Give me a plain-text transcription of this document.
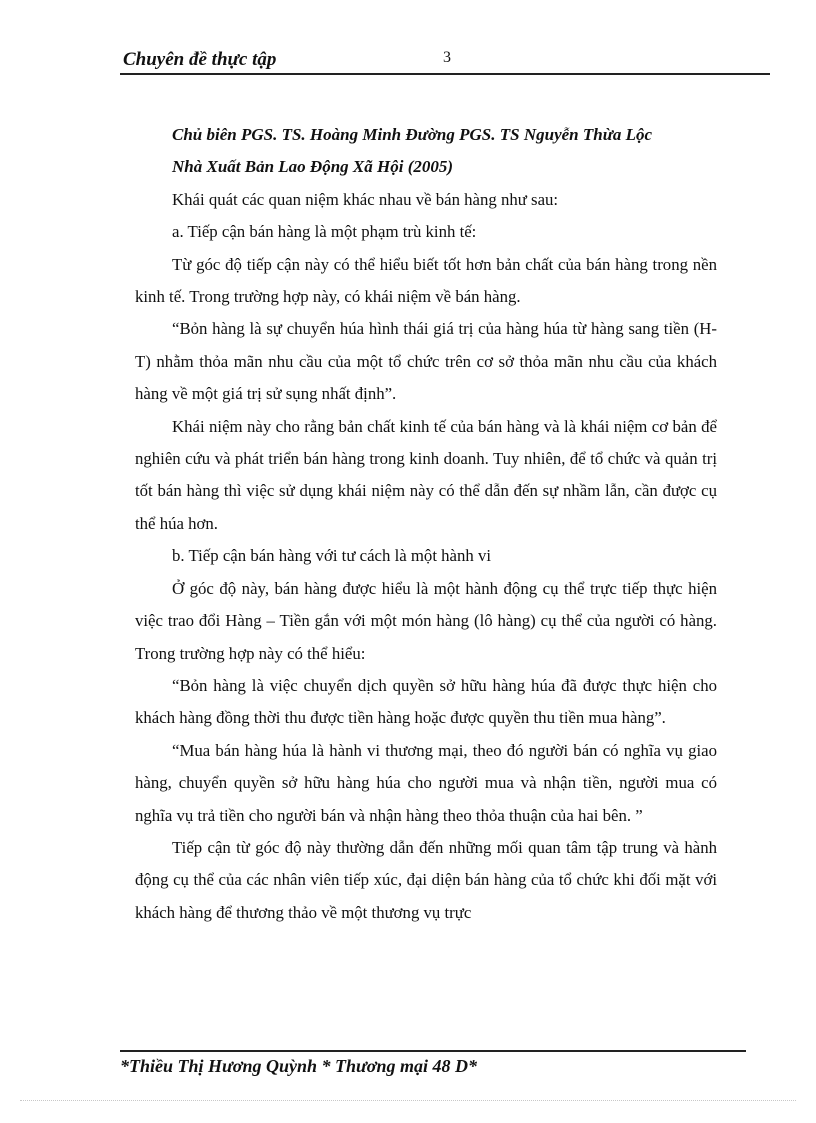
Chuyên đề thực tập	3

Chủ biên PGS. TS. Hoàng Minh Đường PGS. TS Nguyễn Thừa Lộc

Nhà Xuất Bản Lao Động Xã Hội (2005)

Khái quát các quan niệm khác nhau về bán hàng như sau:

a. Tiếp cận bán hàng là một phạm trù kinh tế:

Từ góc độ tiếp cận này có thể hiểu biết tốt hơn bản chất của bán hàng trong nền kinh tế. Trong trường hợp này, có khái niệm về bán hàng.

“Bỏn hàng là sự chuyển húa hình thái giá trị của hàng húa từ hàng sang tiền (H-T) nhằm thỏa mãn nhu cầu của một tổ chức trên cơ sở thỏa mãn nhu cầu của khách hàng về một giá trị sử sụng nhất định”.

Khái niệm này cho rằng bản chất kinh tế của bán hàng và là khái niệm cơ bản để nghiên cứu và phát triển bán hàng trong kinh doanh. Tuy nhiên, để tổ chức và quản trị tốt bán hàng thì việc sử dụng khái niệm này có thể dẫn đến sự nhầm lẫn, cần được cụ thể húa hơn.

b. Tiếp cận bán hàng với tư cách là một hành vi

Ở góc độ này, bán hàng được hiểu là một hành động cụ thể trực tiếp thực hiện việc trao đổi Hàng – Tiền gắn với một món hàng (lô hàng) cụ thể của người có hàng. Trong trường hợp này có thể hiểu:

“Bỏn hàng là việc chuyển dịch quyền sở hữu hàng húa đã được thực hiện cho khách hàng đồng thời thu được tiền hàng hoặc được quyền thu tiền mua hàng”.

“Mua bán hàng húa là hành vi thương mại, theo đó người bán có nghĩa vụ giao hàng, chuyển quyền sở hữu hàng húa cho người mua và nhận tiền, người mua có nghĩa vụ trả tiền cho người bán và nhận hàng theo thỏa thuận của hai bên. ”

Tiếp cận từ góc độ này thường dẫn đến những mối quan tâm tập trung và hành động cụ thể của các nhân viên tiếp xúc, đại diện bán hàng của tổ chức khi đối mặt với khách hàng để thương thảo về một thương vụ trực

*Thiều Thị Hương Quỳnh * Thương mại 48 D*
